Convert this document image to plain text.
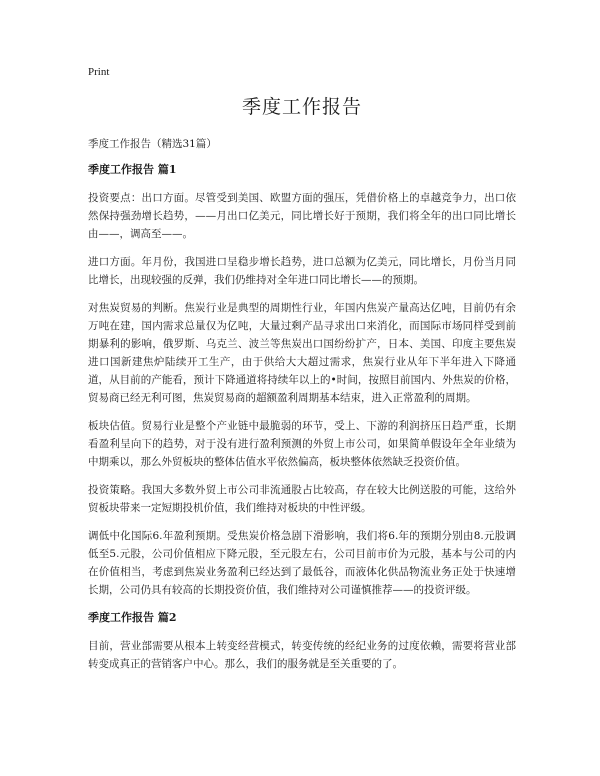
Print
季度工作报告
季度工作报告（精选31篇）
季度工作报告 篇1

投资要点：出口方面。尽管受到美国、欧盟方面的强压，凭借价格上的卓越竞争力，出口依然保持强劲增长趋势，——月出口亿美元，同比增长好于预期，我们将全年的出口同比增长由——，调高至——。

进口方面。年月份，我国进口呈稳步增长趋势，进口总额为亿美元，同比增长，月份当月同比增长，出现较强的反弹，我们仍维持对全年进口同比增长——的预期。

对焦炭贸易的判断。焦炭行业是典型的周期性行业，年国内焦炭产量高达亿吨，目前仍有余万吨在建，国内需求总量仅为亿吨，大量过剩产品寻求出口来消化，而国际市场同样受到前期暴利的影响，俄罗斯、乌克兰、波兰等焦炭出口国纷纷扩产，日本、美国、印度主要焦炭进口国新建焦炉陆续开工生产，由于供给大大超过需求，焦炭行业从年下半年进入下降通道，从目前的产能看，预计下降通道将持续年以上的•时间，按照目前国内、外焦炭的价格，贸易商已经无利可图，焦炭贸易商的超额盈利周期基本结束，进入正常盈利的周期。

板块估值。贸易行业是整个产业链中最脆弱的环节，受上、下游的利润挤压日趋严重，长期看盈利呈向下的趋势，对于没有进行盈利预测的外贸上市公司，如果简单假设年全年业绩为中期乘以，那么外贸板块的整体估值水平依然偏高，板块整体依然缺乏投资价值。

投资策略。我国大多数外贸上市公司非流通股占比较高，存在较大比例送股的可能，这给外贸板块带来一定短期投机价值，我们维持对板块的中性评级。

调低中化国际6.年盈利预期。受焦炭价格急剧下滑影响，我们将6.年的预期分别由8.元股调低至5.元股，公司价值相应下降元股，至元股左右，公司目前市价为元股，基本与公司的内在价值相当，考虑到焦炭业务盈利已经达到了最低谷，而液体化供品物流业务正处于快速增长期，公司仍具有较高的长期投资价值，我们维持对公司谨慎推荐——的投资评级。

季度工作报告 篇2

目前，营业部需要从根本上转变经营模式，转变传统的经纪业务的过度依赖，需要将营业部转变成真正的营销客户中心。那么，我们的服务就是至关重要的了。
